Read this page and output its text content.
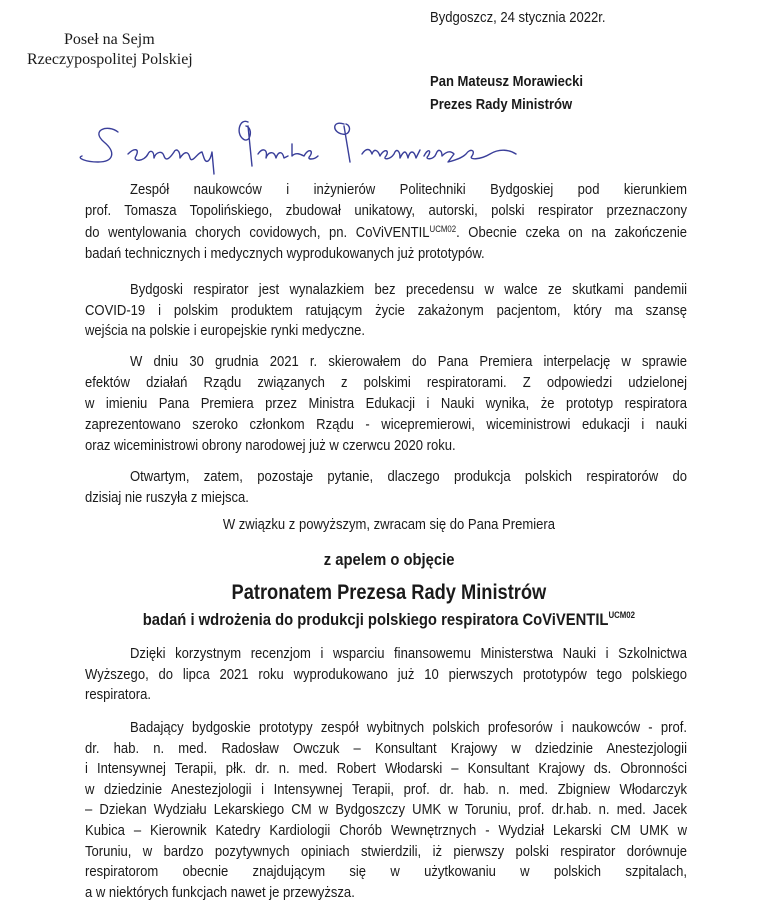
Bydgoszcz, 24 stycznia 2022r.
Poseł na Sejm
Rzeczypospolitej Polskiej
Pan Mateusz Morawiecki
Prezes Rady Ministrów
Zespół naukowców i inżynierów Politechniki Bydgoskiej pod kierunkiem
prof. Tomasza Topolińskiego, zbudował unikatowy, autorski, polski respirator przeznaczony
do wentylowania chorych covidowych, pn. CoViVENTIL$^{UCM02}$. Obecnie czeka on na zakończenie
badań technicznych i medycznych wyprodukowanych już prototypów.
Bydgoski respirator jest wynalazkiem bez precedensu w walce ze skutkami pandemii
COVID-19 i polskim produktem ratującym życie zakażonym pacjentom, który ma szansę
wejścia na polskie i europejskie rynki medyczne.
W dniu 30 grudnia 2021 r. skierowałem do Pana Premiera interpelację w sprawie
efektów działań Rządu związanych z polskimi respiratorami. Z odpowiedzi udzielonej
w imieniu Pana Premiera przez Ministra Edukacji i Nauki wynika, że prototyp respiratora
zaprezentowano szeroko członkom Rządu - wicepremierowi, wiceministrowi edukacji i nauki
oraz wiceministrowi obrony narodowej już w czerwcu 2020 roku.
Otwartym, zatem, pozostaje pytanie, dlaczego produkcja polskich respiratorów do
dzisiaj nie ruszyła z miejsca.
Dzięki korzystnym recenzjom i wsparciu finansowemu Ministerstwa Nauki i Szkolnictwa
Wyższego, do lipca 2021 roku wyprodukowano już 10 pierwszych prototypów tego polskiego
respiratora.
Badający bydgoskie prototypy zespół wybitnych polskich profesorów i naukowców - prof.
dr. hab. n. med. Radosław Owczuk – Konsultant Krajowy w dziedzinie Anestezjologii
i Intensywnej Terapii, płk. dr. n. med. Robert Włodarski – Konsultant Krajowy ds. Obronności
w dziedzinie Anestezjologii i Intensywnej Terapii, prof. dr. hab. n. med. Zbigniew Włodarczyk
– Dziekan Wydziału Lekarskiego CM w Bydgoszczy UMK w Toruniu, prof. dr.hab. n. med. Jacek
Kubica – Kierownik Katedry Kardiologii Chorób Wewnętrznych - Wydział Lekarski CM UMK w
Toruniu, w bardzo pozytywnych opiniach stwierdzili, iż pierwszy polski respirator dorównuje
respiratorom obecnie znajdującym się w użytkowaniu w polskich szpitalach,
a w niektórych funkcjach nawet je przewyższa.
W związku z powyższym, zwracam się do Pana Premiera
z apelem o objęcie
Patronatem Prezesa Rady Ministrów
badań i wdrożenia do produkcji polskiego respiratora CoViVENTIL$^{UCM02}$
